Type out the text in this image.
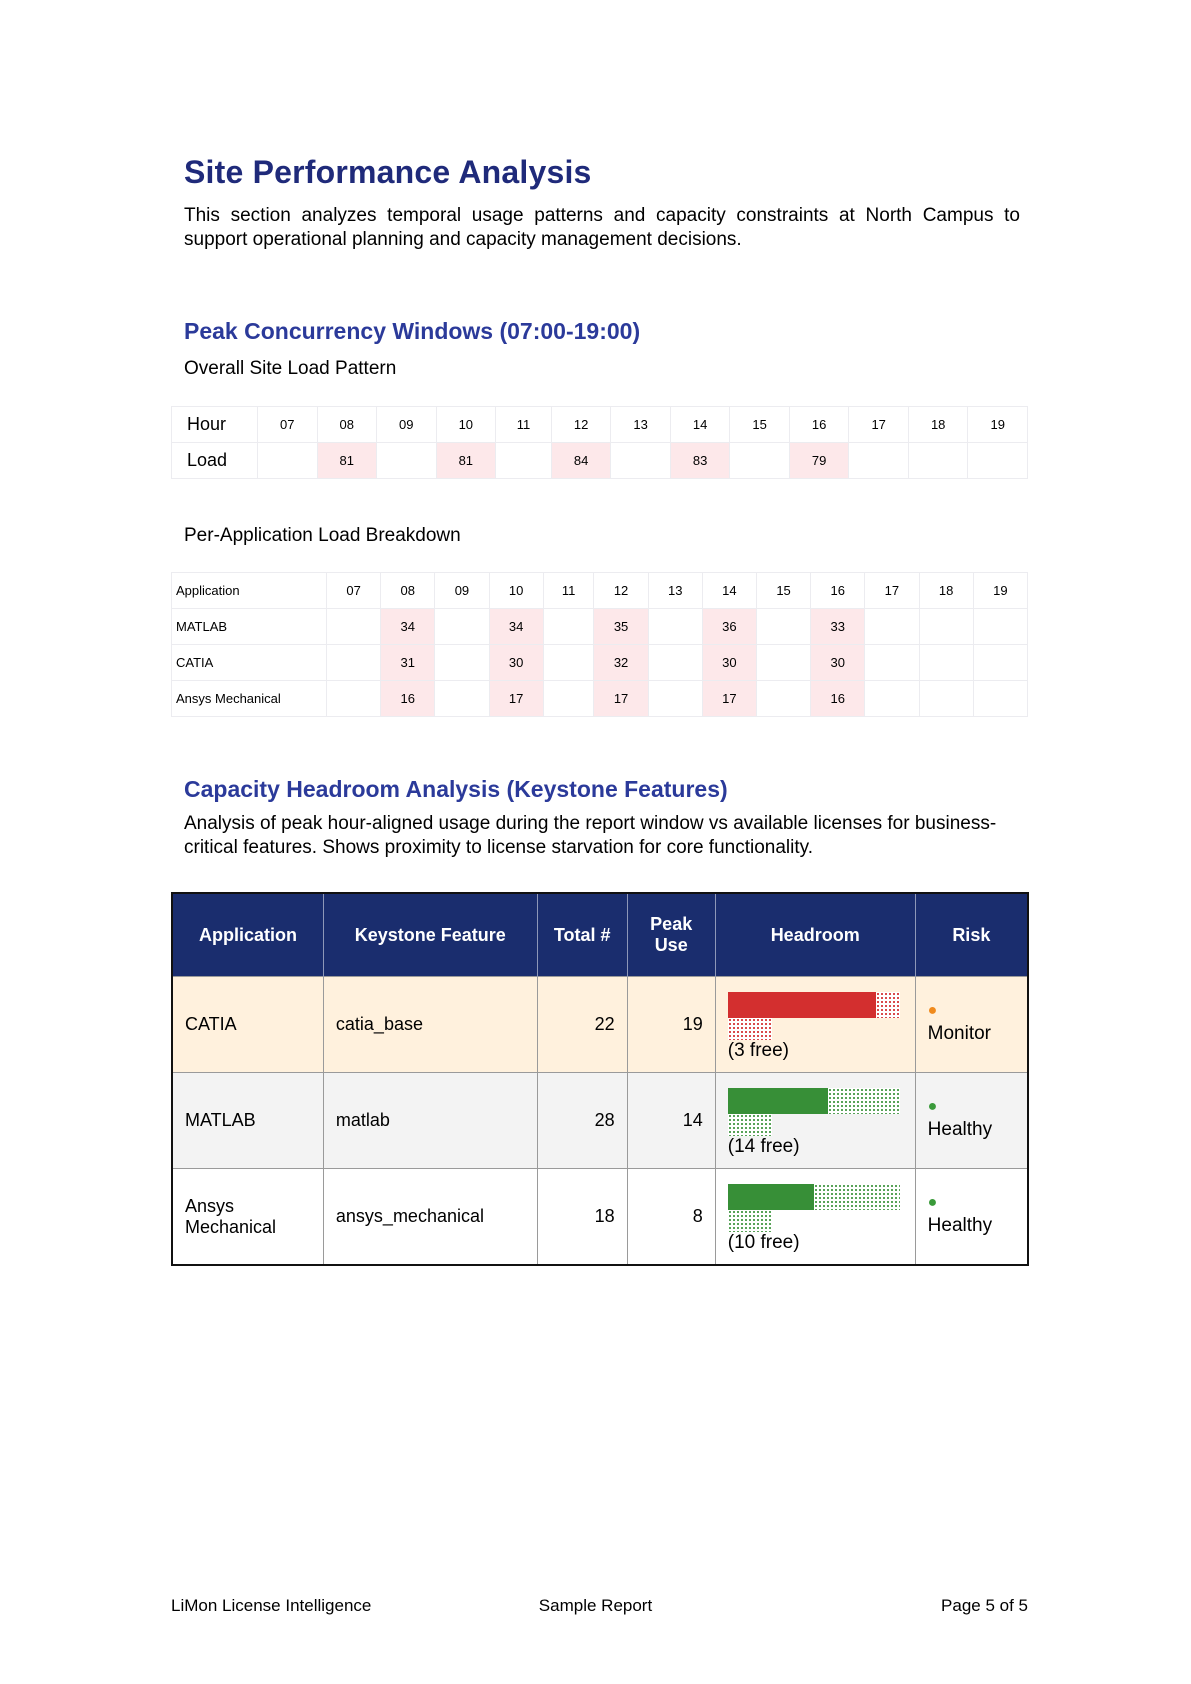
Site Performance Analysis

This section analyzes temporal usage patterns and capacity constraints at North Campus to support operational planning and capacity management decisions.

Peak Concurrency Windows (07:00-19:00)

Overall Site Load Pattern

Hour	07	08	09	10	11	12	13	14	15	16	17	18	19
Load		81		81		84		83		79			

Per-Application Load Breakdown

Application	07	08	09	10	11	12	13	14	15	16	17	18	19
MATLAB		34		34		35		36		33			
CATIA		31		30		32		30		30			
Ansys Mechanical		16		17		17		17		16			
Capacity Headroom Analysis (Keystone Features)

Analysis of peak hour-aligned usage during the report window vs available licenses for business-critical features. Shows proximity to license starvation for core functionality.

Application	Keystone Feature	Total #	Peak Use	Headroom	Risk
CATIA	catia_base	22	19	(3 free)	●
Monitor

MATLAB	matlab	28	14	(14 free)	●
Healthy

Ansys Mechanical	ansys_mechanical	18	8	(10 free)	●
Healthy
LiMon License Intelligence	Sample Report	Page 5 of 5
